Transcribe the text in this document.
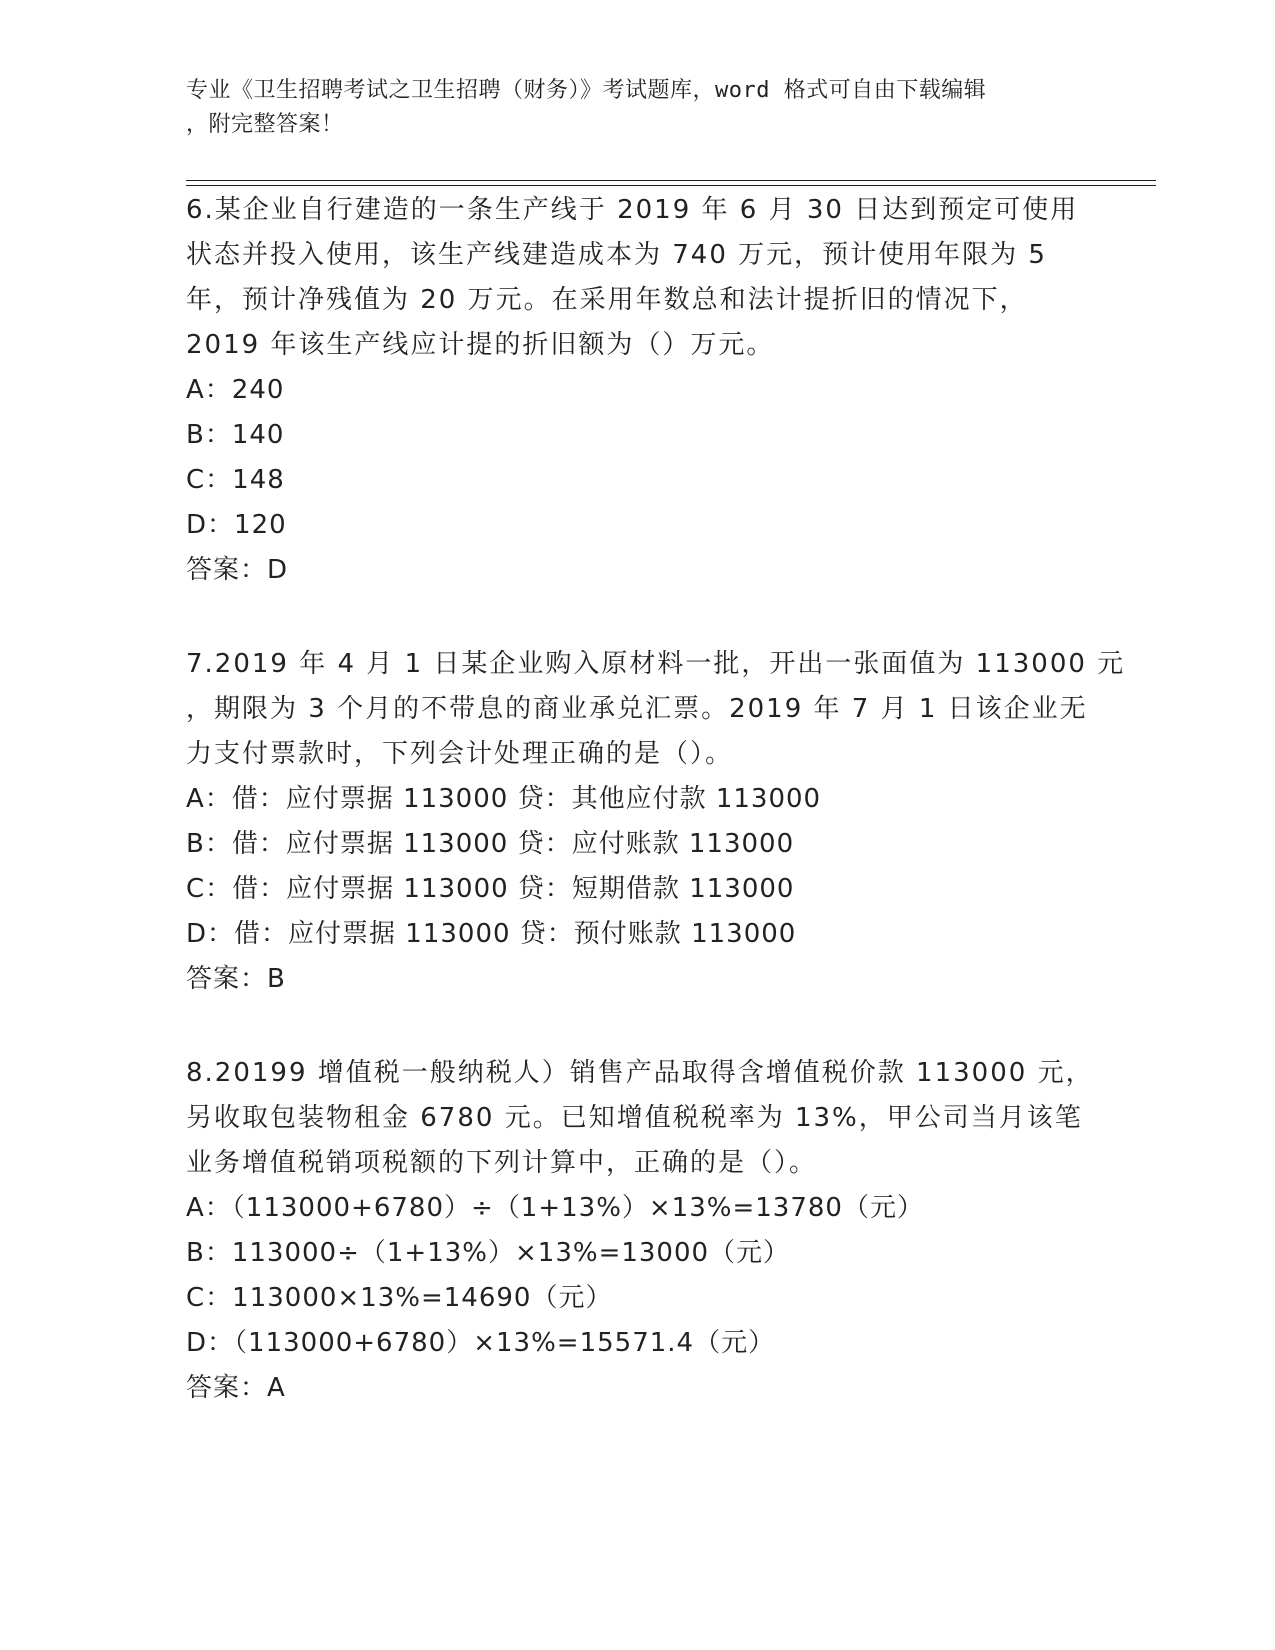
专业《卫生招聘考试之卫生招聘（财务）》考试题库，word 格式可自由下载编辑
，附完整答案！
6.某企业自行建造的一条生产线于 2019 年 6 月 30 日达到预定可使用
状态并投入使用，该生产线建造成本为 740 万元，预计使用年限为 5
年，预计净残值为 20 万元。在采用年数总和法计提折旧的情况下，
2019 年该生产线应计提的折旧额为（）万元。
A：240
B：140
C：148
D：120
答案：D
7.2019 年 4 月 1 日某企业购入原材料一批，开出一张面值为 113000 元
，期限为 3 个月的不带息的商业承兑汇票。2019 年 7 月 1 日该企业无
力支付票款时，下列会计处理正确的是（）。
A：借：应付票据 113000 贷：其他应付款 113000
B：借：应付票据 113000 贷：应付账款 113000
C：借：应付票据 113000 贷：短期借款 113000
D：借：应付票据 113000 贷：预付账款 113000
答案：B
8.20199 增值税一般纳税人）销售产品取得含增值税价款 113000 元，
另收取包装物租金 6780 元。已知增值税税率为 13%，甲公司当月该笔
业务增值税销项税额的下列计算中，正确的是（）。
A：（113000+6780）÷（1+13%）×13%=13780（元）
B：113000÷（1+13%）×13%=13000（元）
C：113000×13%=14690（元）
D：（113000+6780）×13%=15571.4（元）
答案：A
